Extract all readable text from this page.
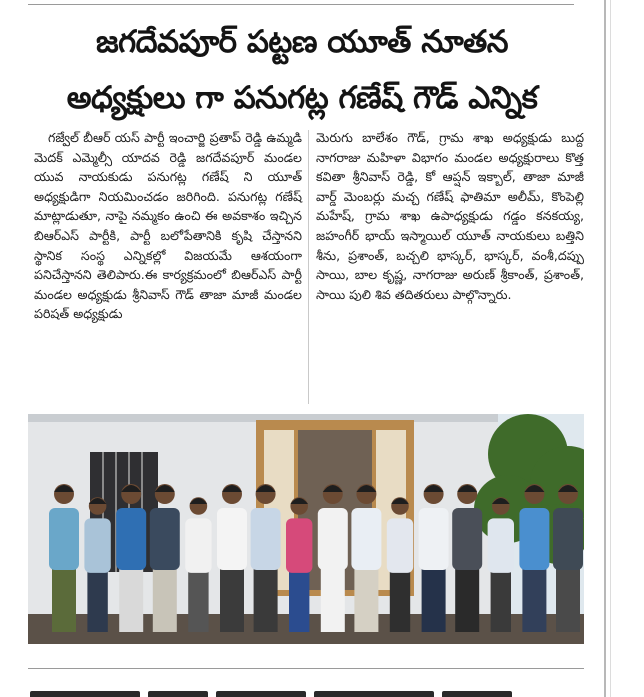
జగదేవపూర్ పట్టణ యూత్ నూతన
అధ్యక్షులు గా పనుగట్ల గణేష్ గౌడ్ ఎన్నిక

గజ్వేల్ బీఆర్ యస్ పార్టీ ఇంచార్జి ప్రతాప్ రెడ్డి ఉమ్మడి మెదక్ ఎమ్మెల్సీ యాదవ రెడ్డి జగదేవపూర్ మండల యువ నాయకుడు పనుగట్ల గణేష్ ని యూత్ అధ్యక్షుడిగా నియమించడం జరిగింది. పనుగట్ల గణేష్ మాట్లాడుతూ, నాపై నమ్మకం ఉంచి ఈ అవకాశం ఇచ్చిన బిఆర్ఎస్ పార్టీకి, పార్టీ బలోపేతానికి కృషి చేస్తానని స్థానిక సంస్థ ఎన్నికల్లో విజయమే ఆశయంగా పనిచేస్తానని తెలిపారు.ఈ కార్యక్రమంలో బిఆర్ఎస్ పార్టీ మండల అధ్యక్షుడు శ్రీనివాస్ గౌడ్ తాజా మాజీ మండల పరిషత్ అధ్యక్షుడు

మెరుగు బాలేశం గౌడ్, గ్రామ శాఖ అధ్యక్షుడు బుద్ద నాగరాజు మహిళా విభాగం మండల అధ్యక్షురాలు కొత్త కవితా శ్రీనివాస్ రెడ్డి, కో ఆప్షన్ ఇక్బాల్, తాజా మాజీ వార్డ్ మెంబర్లు మచ్చ గణేష్ ఫాతిమా అలీమ్, కొంపెల్లి మహేష్, గ్రామ శాఖ ఉపాధ్యక్షుడు గడ్డం కనకయ్య, జహంగీర్ భాయ్ ఇస్మాయిల్ యూత్ నాయకులు బత్తిని శీను, ప్రశాంత్, బచ్చలి భాస్కర్, భాస్కర్, వంశీ,దప్పు సాయి, బాల కృష్ణ, నాగరాజు అరుణ్ శ్రీకాంత్, ప్రశాంత్, సాయి పులి శివ తదితరులు పాల్గొన్నారు.
